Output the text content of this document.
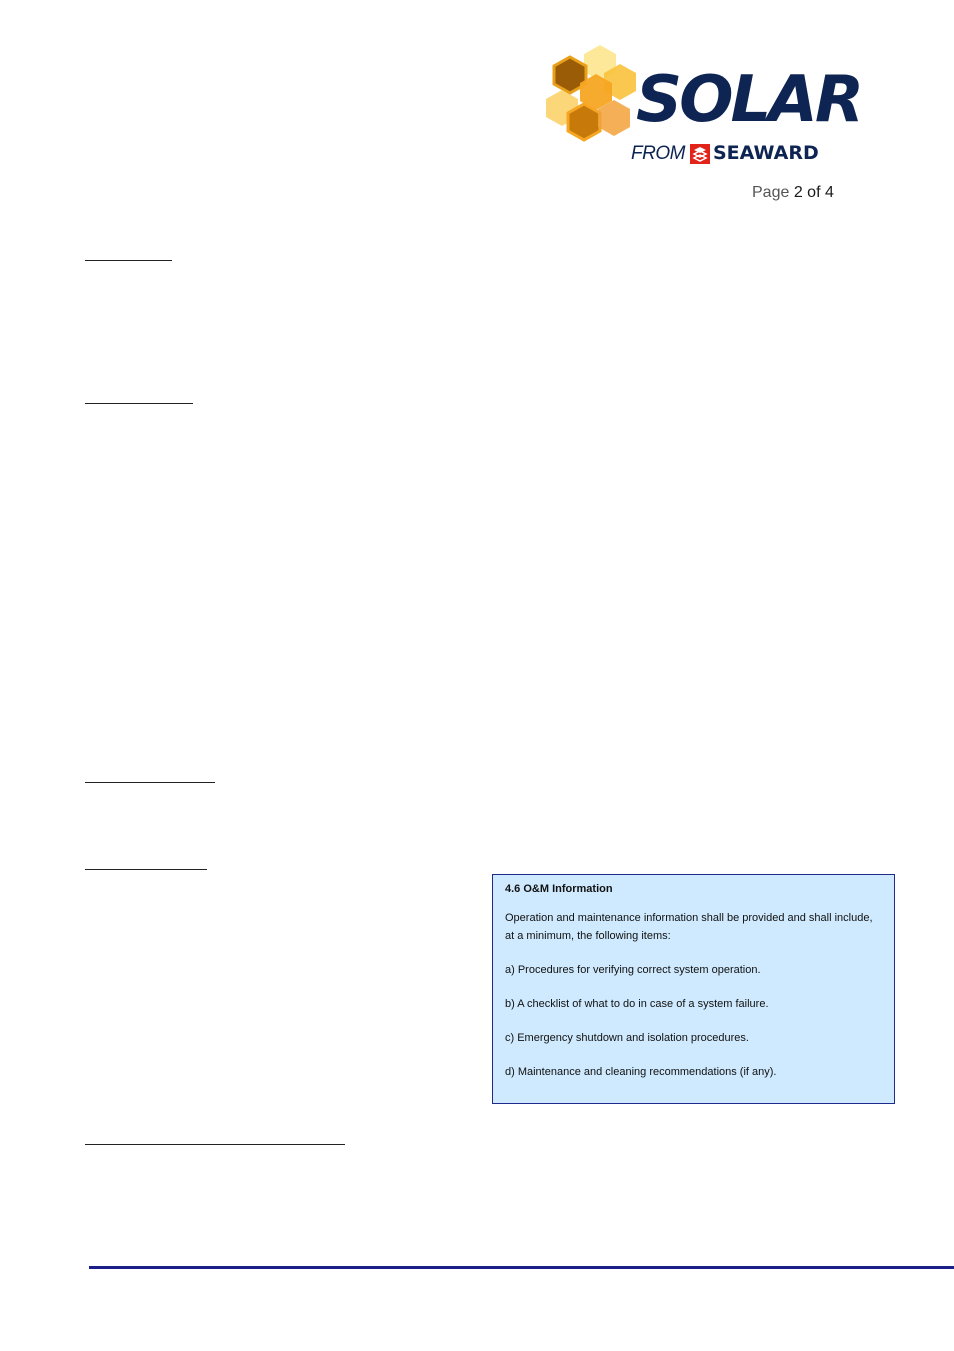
SOLAR
FROM SEAWARD
Page 2 of 4
4.6 O&M Information

Operation and maintenance information shall be provided and shall include, at a minimum, the following items:

a) Procedures for verifying correct system operation.

b) A checklist of what to do in case of a system failure.

c) Emergency shutdown and isolation procedures.

d) Maintenance and cleaning recommendations (if any).
